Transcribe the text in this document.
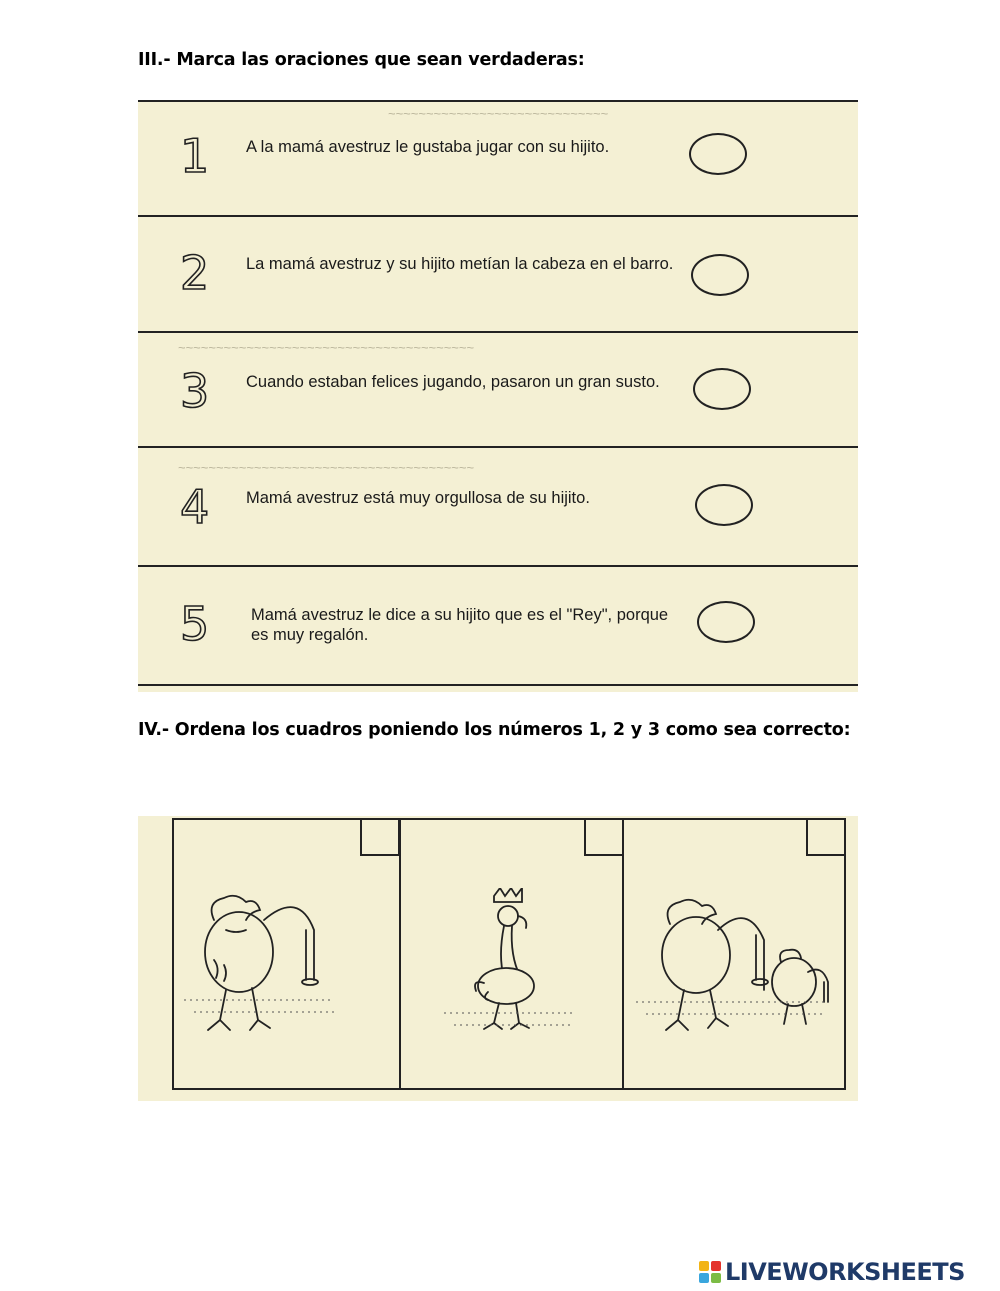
III.- Marca las oraciones que sean verdaderas:
~~~~~~~~~~~~~~~~~~~~~~~~~~~~~
~~~~~~~~~~~~~~~~~~~~~~~~~~~~~~~~~~~~~~~
~~~~~~~~~~~~~~~~~~~~~~~~~~~~~~~~~~~~~~~
1 A la mamá avestruz le gustaba jugar con su hijito.
2 La mamá avestruz y su hijito metían la cabeza en el barro.
3 Cuando estaban felices jugando, pasaron un gran susto.
4 Mamá avestruz está muy orgullosa de su hijito.
5	Mamá avestruz le dice a su hijito que es el "Rey", porque es muy regalón.
IV.- Ordena los cuadros poniendo los números 1, 2 y 3 como sea correcto:
LIVEWORKSHEETS
